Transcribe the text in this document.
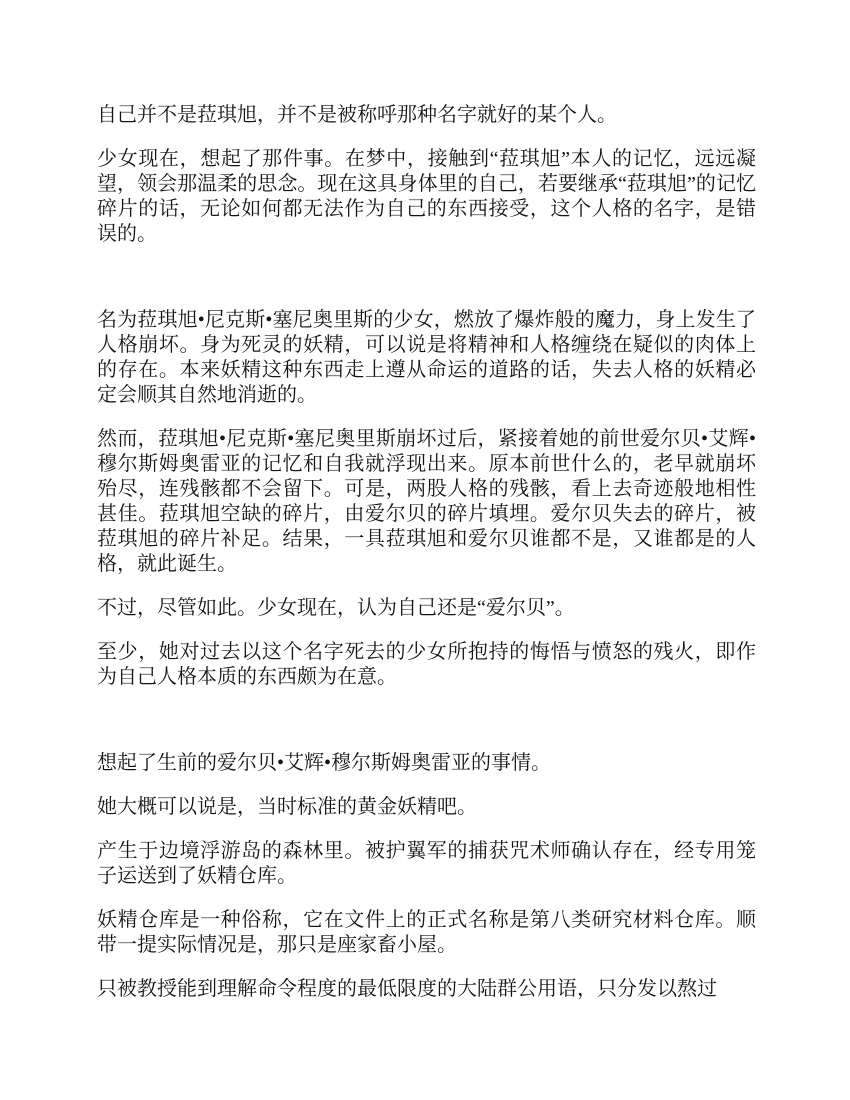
自己并不是菈琪旭，并不是被称呼那种名字就好的某个人。

少女现在，想起了那件事。在梦中，接触到“菈琪旭”本人的记忆，远远凝望，领会那温柔的思念。现在这具身体里的自己，若要继承“菈琪旭”的记忆碎片的话，无论如何都无法作为自己的东西接受，这个人格的名字，是错误的。

名为菈琪旭•尼克斯•塞尼奥里斯的少女，燃放了爆炸般的魔力，身上发生了人格崩坏。身为死灵的妖精，可以说是将精神和人格缠绕在疑似的肉体上的存在。本来妖精这种东西走上遵从命运的道路的话，失去人格的妖精必定会顺其自然地消逝的。

然而，菈琪旭•尼克斯•塞尼奥里斯崩坏过后，紧接着她的前世爱尔贝•艾辉•穆尔斯姆奥雷亚的记忆和自我就浮现出来。原本前世什么的，老早就崩坏殆尽，连残骸都不会留下。可是，两股人格的残骸，看上去奇迹般地相性甚佳。菈琪旭空缺的碎片，由爱尔贝的碎片填埋。爱尔贝失去的碎片，被菈琪旭的碎片补足。结果，一具菈琪旭和爱尔贝谁都不是，又谁都是的人格，就此诞生。

不过，尽管如此。少女现在，认为自己还是“爱尔贝”。

至少，她对过去以这个名字死去的少女所抱持的悔悟与愤怒的残火，即作为自己人格本质的东西颇为在意。

想起了生前的爱尔贝•艾辉•穆尔斯姆奥雷亚的事情。

她大概可以说是，当时标准的黄金妖精吧。

产生于边境浮游岛的森林里。被护翼军的捕获咒术师确认存在，经专用笼子运送到了妖精仓库。

妖精仓库是一种俗称，它在文件上的正式名称是第八类研究材料仓库。顺带一提实际情况是，那只是座家畜小屋。

只被教授能到理解命令程度的最低限度的大陆群公用语，只分发以熬过
